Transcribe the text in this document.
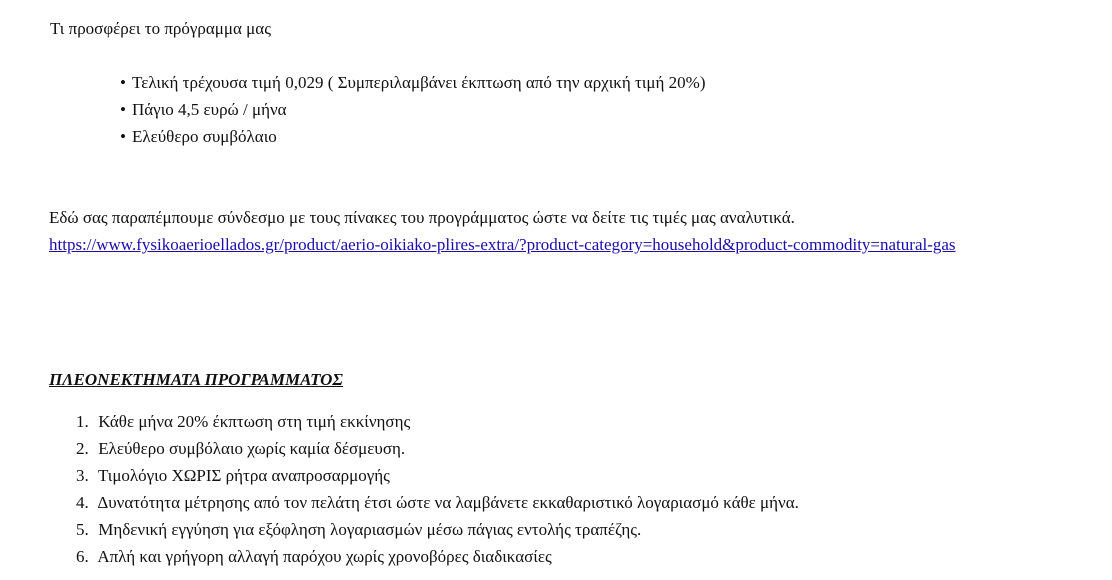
Τι προσφέρει το πρόγραμμα μας
• Τελική τρέχουσα τιμή 0,029 ( Συμπεριλαμβάνει έκπτωση από την αρχική τιμή 20%)
• Πάγιο 4,5 ευρώ / μήνα
• Ελεύθερο συμβόλαιο
Εδώ σας παραπέμπουμε σύνδεσμο με τους πίνακες του προγράμματος ώστε να δείτε τις τιμές μας αναλυτικά.
https://www.fysikoaerioellados.gr/product/aerio-oikiako-plires-extra/?product-category=household&product-commodity=natural-gas
ΠΛΕΟΝΕΚΤΗΜΑΤΑ ΠΡΟΓΡΑΜΜΑΤΟΣ
1. Κάθε μήνα 20% έκπτωση στη τιμή εκκίνησης
2. Ελεύθερο συμβόλαιο χωρίς καμία δέσμευση.
3. Τιμολόγιο ΧΩΡΙΣ ρήτρα αναπροσαρμογής
4. Δυνατότητα μέτρησης από τον πελάτη έτσι ώστε να λαμβάνετε εκκαθαριστικό λογαριασμό κάθε μήνα.
5. Μηδενική εγγύηση για εξόφληση λογαριασμών μέσω πάγιας εντολής τραπέζης.
6. Απλή και γρήγορη αλλαγή παρόχου χωρίς χρονοβόρες διαδικασίες
